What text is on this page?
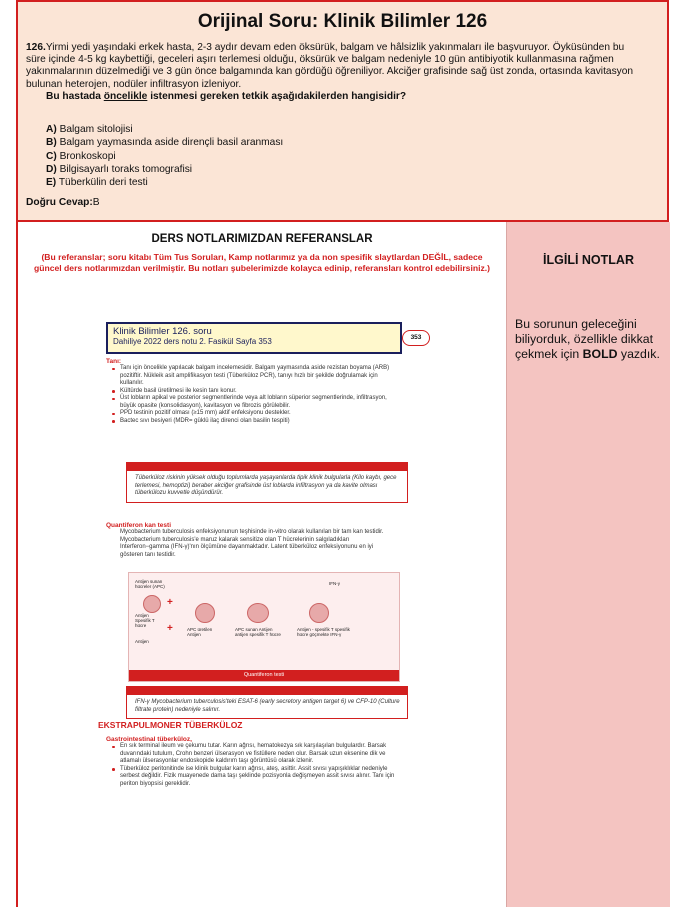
Orijinal Soru: Klinik Bilimler 126
126.Yirmi yedi yaşındaki erkek hasta, 2-3 aydır devam eden öksürük, balgam ve hâlsizlik yakınmaları ile başvuruyor. Öyküsünden bu süre içinde 4-5 kg kaybettiği, geceleri aşırı terlemesi olduğu, öksürük ve balgam nedeniyle 10 gün antibiyotik kullanmasına rağmen yakınmalarının düzelmediği ve 3 gün önce balgamında kan gördüğü öğreniliyor. Akciğer grafisinde sağ üst zonda, ortasında kavitasyon bulunan heterojen, nodüler infiltrasyon izleniyor.
Bu hastada öncelikle istenmesi gereken tetkik aşağıdakilerden hangisidir?
A) Balgam sitolojisi
B) Balgam yaymasında aside dirençli basil aranması
C) Bronkoskopi
D) Bilgisayarlı toraks tomografisi
E) Tüberkülin deri testi
Doğru Cevap:B
DERS NOTLARIMIZDAN REFERANSLAR
(Bu referanslar; soru kitabı Tüm Tus Soruları, Kamp notlarımız ya da non spesifik slaytlardan DEĞİL, sadece güncel ders notlarımızdan verilmiştir. Bu notları şubelerimizde kolayca edinip, referansları kontrol edebilirsiniz.)
Klinik Bilimler 126. soru
Dahiliye 2022 ders notu 2. Fasikül Sayfa 353	353
Tanı:
Tanı için öncelikle yapılacak balgam incelemesidir. Balgam yaymasında aside rezistan boyama (ARB) pozitiftir. Nükleik asit amplifikasyon testi (Tüberküloz PCR), tanıyı hızlı bir şekilde doğrulamak için kullanılır.
Kültürde basil üretilmesi ile kesin tanı konur.
Üst lobların apikal ve posterior segmentlerinde veya alt lobların süperior segmentlerinde, infiltrasyon, büyük opasite (konsolidasyon), kavitasyon ve fibrozis görülebilir.
PPD testinin pozitif olması (≥15 mm) aktif enfeksiyonu destekler.
Bactec sıvı besiyeri (MDR= güklü ilaç direnci olan basilin tespiti)
Tüberküloz riskinin yüksek olduğu toplumlarda yaşayanlarda tipik klinik bulgularla (Kilo kaybı, gece terlemesi, hemoptizi) beraber akciğer grafisinde üst loblarda infiltrasyon ya da kavite olması tüberkülozu kuvvetle düşündürür.
Quantiferon kan testi
Mycobacterium tuberculosis enfeksiyonunun teşhisinde in-vitro olarak kullanılan bir tam kan testidir. Mycobacterium tuberculosis'e maruz kalarak sensitize olan T hücrelerinin salgıladıkları Interferon−gamma (IFN-γ)'nın ölçümüne dayanmaktadır. Latent tüberküloz enfeksiyonunu en iyi gösteren tanı testidir.
+
+
Antijen sunan hücreler (APC)
Antijen Spesifik T hücre
Antijen
APC üretilen Antijen
APC sunan Antijen antijen spesifik T hücre
Antijen - spesifik T spesifik hücre göçmekte IFN-γ
IFN-γ
Quantiferon testi
IFN-γ Mycobacterium tuberculosis'teki ESAT-6 (early secretory antigen target 6) ve CFP-10 (Culture filtrate protein) nedeniyle salınır.
EKSTRAPULMONER TÜBERKÜLOZ
Gastrointestinal tüberküloz,
En sık terminal ileum ve çekumu tutar. Karın ağrısı, hematokezya sık karşılaşılan bulgulardır. Barsak duvarındaki tutulum, Crohn benzeri ülserasyon ve fistüllere neden olur. Barsak uzun eksenine dik ve atlamalı ülserasyonlar endoskopide kaldırım taşı görüntüsü olarak izlenir.
Tüberküloz peritonitinde ise klinik bulgular karın ağrısı, ateş, asittir. Assit sıvısı yapışıklıklar nedeniyle serbest değildir. Fizik muayenede dama taşı şeklinde pozisyonla değişmeyen assit sıvısı alınır. Tanı için periton biyopsisi gereklidir.
İLGİLİ NOTLAR
Bu sorunun geleceğini biliyorduk, özellikle dikkat çekmek için BOLD yazdık.
